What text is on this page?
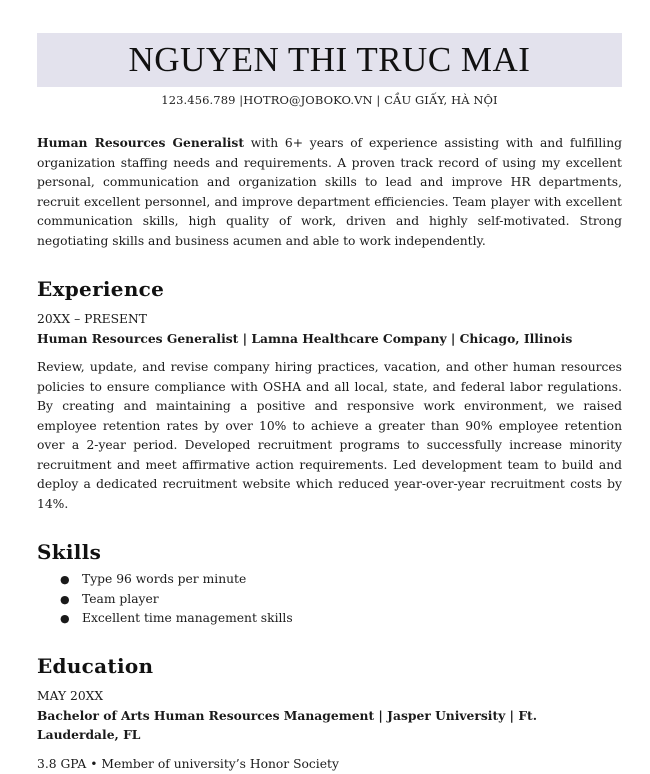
NGUYEN THI TRUC MAI
123.456.789 |HOTRO@JOBOKO.VN | CẦU GIẤY, HÀ NỘI

Human Resources Generalist with 6+ years of experience assisting with and fulfilling organization staffing needs and requirements. A proven track record of using my excellent personal, communication and organization skills to lead and improve HR departments, recruit excellent personnel, and improve department efficiencies. Team player with excellent communication skills, high quality of work, driven and highly self-motivated. Strong negotiating skills and business acumen and able to work independently.

Experience
20XX – PRESENT
Human Resources Generalist | Lamna Healthcare Company | Chicago, Illinois

Review, update, and revise company hiring practices, vacation, and other human resources policies to ensure compliance with OSHA and all local, state, and federal labor regulations. By creating and maintaining a positive and responsive work environment, we raised employee retention rates by over 10% to achieve a greater than 90% employee retention over a 2-year period. Developed recruitment programs to successfully increase minority recruitment and meet affirmative action requirements. Led development team to build and deploy a dedicated recruitment website which reduced year-over-year recruitment costs by 14%.

Skills
● Type 96 words per minute
● Team player
● Excellent time management skills
Education
MAY 20XX
Bachelor of Arts Human Resources Management | Jasper University | Ft. Lauderdale, FL
3.8 GPA • Member of university’s Honor Society
